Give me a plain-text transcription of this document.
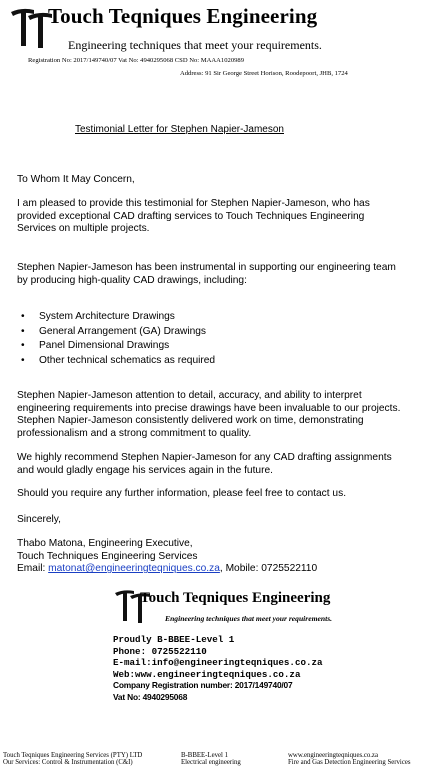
Touch Teqniques Engineering
Engineering techniques that meet your requirements.
Registration No: 2017/149740/07 Vat No: 4940295068 CSD No: MAAA1020989
Address: 91 Sir George Street Horison, Roodepoort, JHB, 1724
Testimonial Letter for Stephen Napier-Jameson
To Whom It May Concern,
I am pleased to provide this testimonial for Stephen Napier-Jameson, who has
provided exceptional CAD drafting services to Touch Techniques Engineering
Services on multiple projects.
Stephen Napier-Jameson has been instrumental in supporting our engineering team
by producing high-quality CAD drawings, including:
• System Architecture Drawings
• General Arrangement (GA) Drawings
• Panel Dimensional Drawings
• Other technical schematics as required
Stephen Napier-Jameson attention to detail, accuracy, and ability to interpret
engineering requirements into precise drawings have been invaluable to our projects.
Stephen Napier-Jameson consistently delivered work on time, demonstrating
professionalism and a strong commitment to quality.
We highly recommend Stephen Napier-Jameson for any CAD drafting assignments
and would gladly engage his services again in the future.
Should you require any further information, please feel free to contact us.
Sincerely,
Thabo Matona, Engineering Executive,
Touch Techniques Engineering Services
Email: matonat@engineeringteqniques.co.za, Mobile: 0725522110
Touch Teqniques Engineering
Engineering techniques that meet your requirements.
Proudly B-BBEE-Level 1
Phone: 0725522110
E-mail:info@engineeringteqniques.co.za
Web:www.engineeringteqniques.co.za
Company Registration number: 2017/149740/07
Vat No: 4940295068
Touch Teqniques Engineering Services (PTY) LTD
Our Services: Control & Instrumentation (C&I)
B-BBEE-Level 1
Electrical engineering
www.engineeringteqniques.co.za
Fire and Gas Detection Engineering Services
